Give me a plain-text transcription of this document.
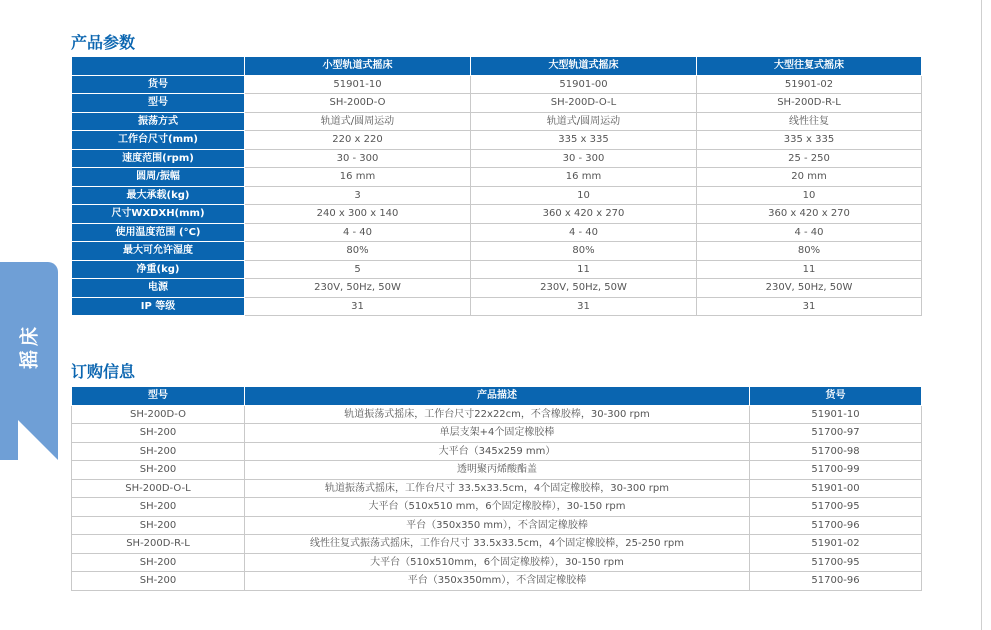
摇床
产品参数
	小型轨道式摇床	大型轨道式摇床	大型往复式摇床
货号	51901-10	51901-00	51901-02
型号	SH-200D-O	SH-200D-O-L	SH-200D-R-L
振荡方式	轨道式/圆周运动	轨道式/圆周运动	线性往复
工作台尺寸(mm)	220 x 220	335 x 335	335 x 335
速度范围(rpm)	30 - 300	30 - 300	25 - 250
圆周/振幅	16 mm	16 mm	20 mm
最大承载(kg)	3	10	10
尺寸WXDXH(mm)	240 x 300 x 140	360 x 420 x 270	360 x 420 x 270
使用温度范围 (°C)	4 - 40	4 - 40	4 - 40
最大可允许湿度	80%	80%	80%
净重(kg)	5	11	11
电源	230V, 50Hz, 50W	230V, 50Hz, 50W	230V, 50Hz, 50W
IP 等级	31	31	31
订购信息
型号	产品描述	货号
SH-200D-O	轨道振荡式摇床，工作台尺寸22x22cm，不含橡胶棒，30-300 rpm	51901-10
SH-200	单层支架+4个固定橡胶棒	51700-97
SH-200	大平台（345x259 mm）	51700-98
SH-200	透明聚丙烯酸酯盖	51700-99
SH-200D-O-L	轨道振荡式摇床，工作台尺寸 33.5x33.5cm，4个固定橡胶棒，30-300 rpm	51901-00
SH-200	大平台（510x510 mm，6个固定橡胶棒），30-150 rpm	51700-95
SH-200	平台（350x350 mm），不含固定橡胶棒	51700-96
SH-200D-R-L	线性往复式振荡式摇床，工作台尺寸 33.5x33.5cm，4个固定橡胶棒，25-250 rpm	51901-02
SH-200	大平台（510x510mm，6个固定橡胶棒），30-150 rpm	51700-95
SH-200	平台（350x350mm），不含固定橡胶棒	51700-96
